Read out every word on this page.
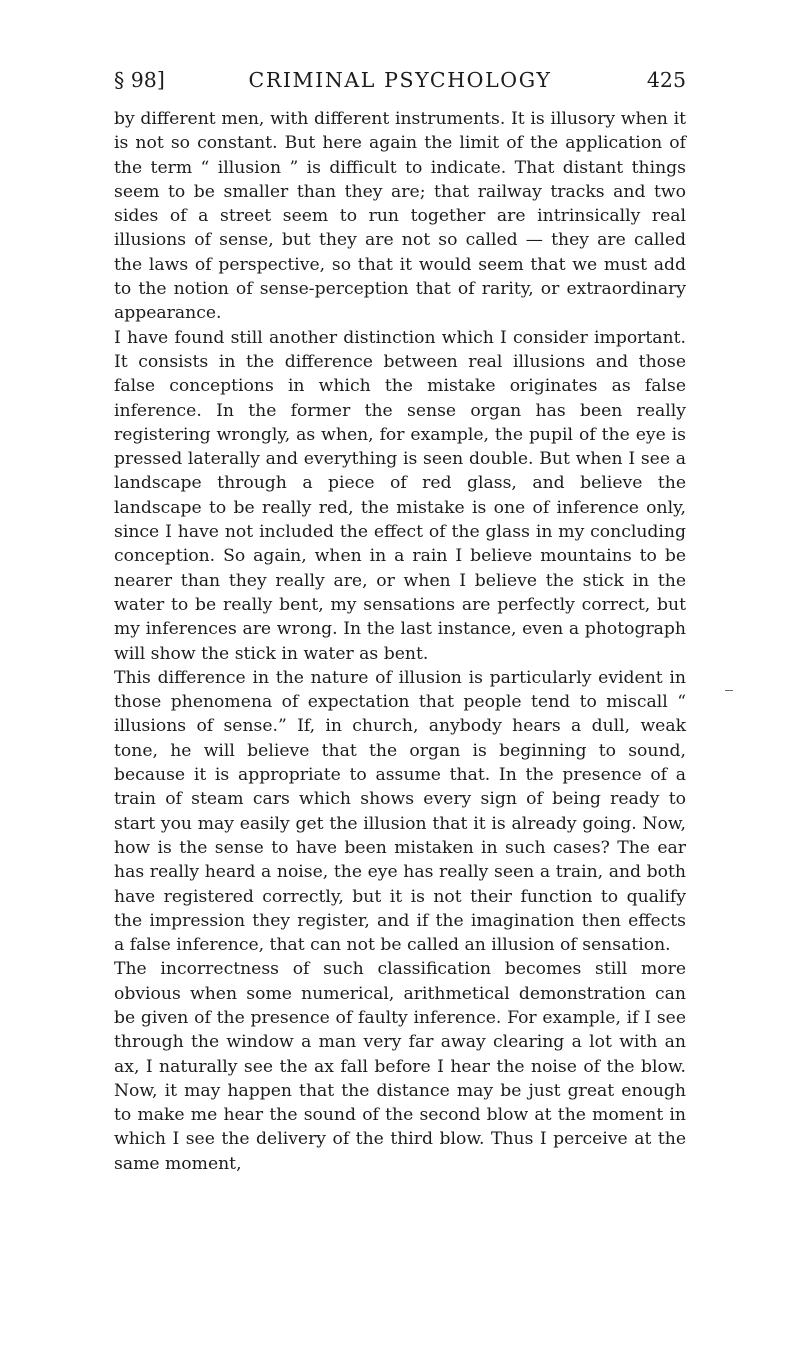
§ 98]	CRIMINAL PSYCHOLOGY	425

by different men, with different instruments. It is illusory when it is not so constant. But here again the limit of the application of the term “ illusion ” is difficult to indicate. That distant things seem to be smaller than they are; that railway tracks and two sides of a street seem to run together are intrinsically real illusions of sense, but they are not so called — they are called the laws of perspective, so that it would seem that we must add to the notion of sense-perception that of rarity, or extraordinary appearance.

I have found still another distinction which I consider important. It consists in the difference between real illusions and those false conceptions in which the mistake originates as false inference. In the former the sense organ has been really registering wrongly, as when, for example, the pupil of the eye is pressed laterally and everything is seen double. But when I see a landscape through a piece of red glass, and believe the landscape to be really red, the mistake is one of inference only, since I have not included the effect of the glass in my concluding conception. So again, when in a rain I believe mountains to be nearer than they really are, or when I believe the stick in the water to be really bent, my sensations are perfectly correct, but my inferences are wrong. In the last instance, even a photograph will show the stick in water as bent.

This difference in the nature of illusion is particularly evident in those phenomena of expectation that people tend to miscall “ illusions of sense.” If, in church, anybody hears a dull, weak tone, he will believe that the organ is beginning to sound, because it is appropriate to assume that. In the presence of a train of steam cars which shows every sign of being ready to start you may easily get the illusion that it is already going. Now, how is the sense to have been mistaken in such cases? The ear has really heard a noise, the eye has really seen a train, and both have registered correctly, but it is not their function to qualify the impression they register, and if the imagination then effects a false inference, that can not be called an illusion of sensation.

The incorrectness of such classification becomes still more obvious when some numerical, arithmetical demonstration can be given of the presence of faulty inference. For example, if I see through the window a man very far away clearing a lot with an ax, I naturally see the ax fall before I hear the noise of the blow. Now, it may happen that the distance may be just great enough to make me hear the sound of the second blow at the moment in which I see the delivery of the third blow. Thus I perceive at the same moment,
